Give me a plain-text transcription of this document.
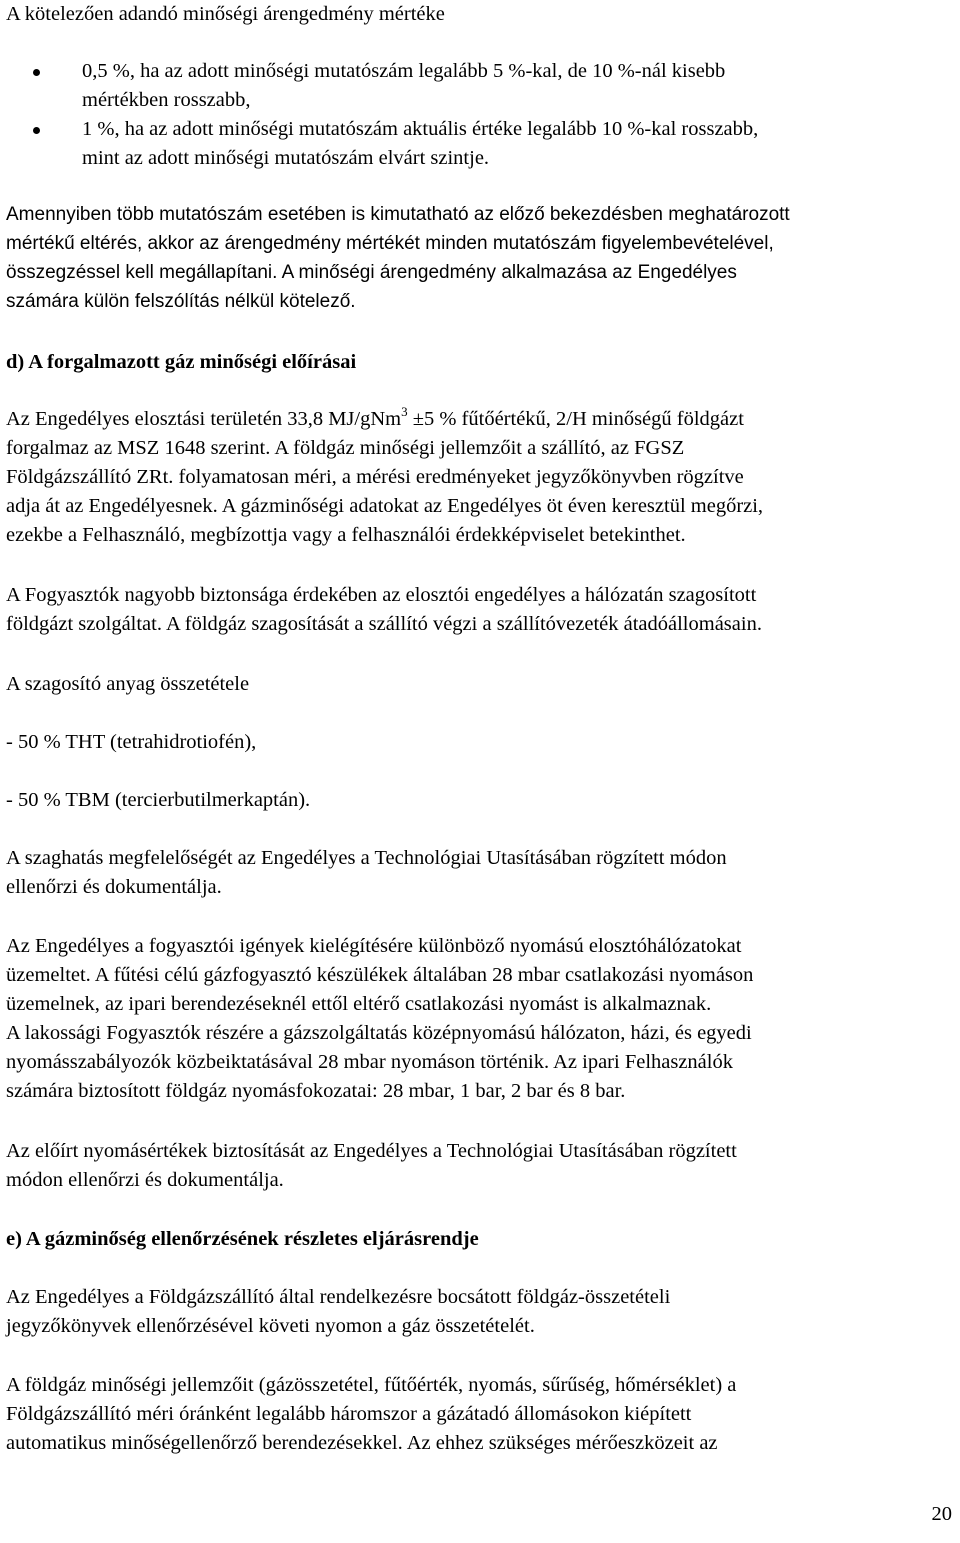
A kötelezően adandó minőségi árengedmény mértéke
0,5 %, ha az adott minőségi mutatószám legalább 5 %-kal, de 10 %-nál kisebb
mértékben rosszabb,
1 %, ha az adott minőségi mutatószám aktuális értéke legalább 10 %-kal rosszabb,
mint az adott minőségi mutatószám elvárt szintje.
Amennyiben több mutatószám esetében is kimutatható az előző bekezdésben meghatározott
mértékű eltérés, akkor az árengedmény mértékét minden mutatószám figyelembevételével,
összegzéssel kell megállapítani. A minőségi árengedmény alkalmazása az Engedélyes
számára külön felszólítás nélkül kötelező.
d) A forgalmazott gáz minőségi előírásai
Az Engedélyes elosztási területén 33,8 MJ/gNm$^3$ ±5 % fűtőértékű, 2/H minőségű földgázt
forgalmaz az MSZ 1648 szerint. A földgáz minőségi jellemzőit a szállító, az FGSZ
Földgázszállító ZRt. folyamatosan méri, a mérési eredményeket jegyzőkönyvben rögzítve
adja át az Engedélyesnek. A gázminőségi adatokat az Engedélyes öt éven keresztül megőrzi,
ezekbe a Felhasználó, megbízottja vagy a felhasználói érdekképviselet betekinthet.
A Fogyasztók nagyobb biztonsága érdekében az elosztói engedélyes a hálózatán szagosított
földgázt szolgáltat. A földgáz szagosítását a szállító végzi a szállítóvezeték átadóállomásain.
A szagosító anyag összetétele
- 50 % THT (tetrahidrotiofén),
- 50 % TBM (tercierbutilmerkaptán).
A szaghatás megfelelőségét az Engedélyes a Technológiai Utasításában rögzített módon
ellenőrzi és dokumentálja.
Az Engedélyes a fogyasztói igények kielégítésére különböző nyomású elosztóhálózatokat
üzemeltet. A fűtési célú gázfogyasztó készülékek általában 28 mbar csatlakozási nyomáson
üzemelnek, az ipari berendezéseknél ettől eltérő csatlakozási nyomást is alkalmaznak.
A lakossági Fogyasztók részére a gázszolgáltatás középnyomású hálózaton, házi, és egyedi
nyomásszabályozók közbeiktatásával 28 mbar nyomáson történik. Az ipari Felhasználók
számára biztosított földgáz nyomásfokozatai: 28 mbar, 1 bar, 2 bar és 8 bar.
Az előírt nyomásértékek biztosítását az Engedélyes a Technológiai Utasításában rögzített
módon ellenőrzi és dokumentálja.
e) A gázminőség ellenőrzésének részletes eljárásrendje
Az Engedélyes a Földgázszállító által rendelkezésre bocsátott földgáz-összetételi
jegyzőkönyvek ellenőrzésével követi nyomon a gáz összetételét.
A földgáz minőségi jellemzőit (gázösszetétel, fűtőérték, nyomás, sűrűség, hőmérséklet) a
Földgázszállító méri óránként legalább háromszor a gázátadó állomásokon kiépített
automatikus minőségellenőrző berendezésekkel. Az ehhez szükséges mérőeszközeit az
20
